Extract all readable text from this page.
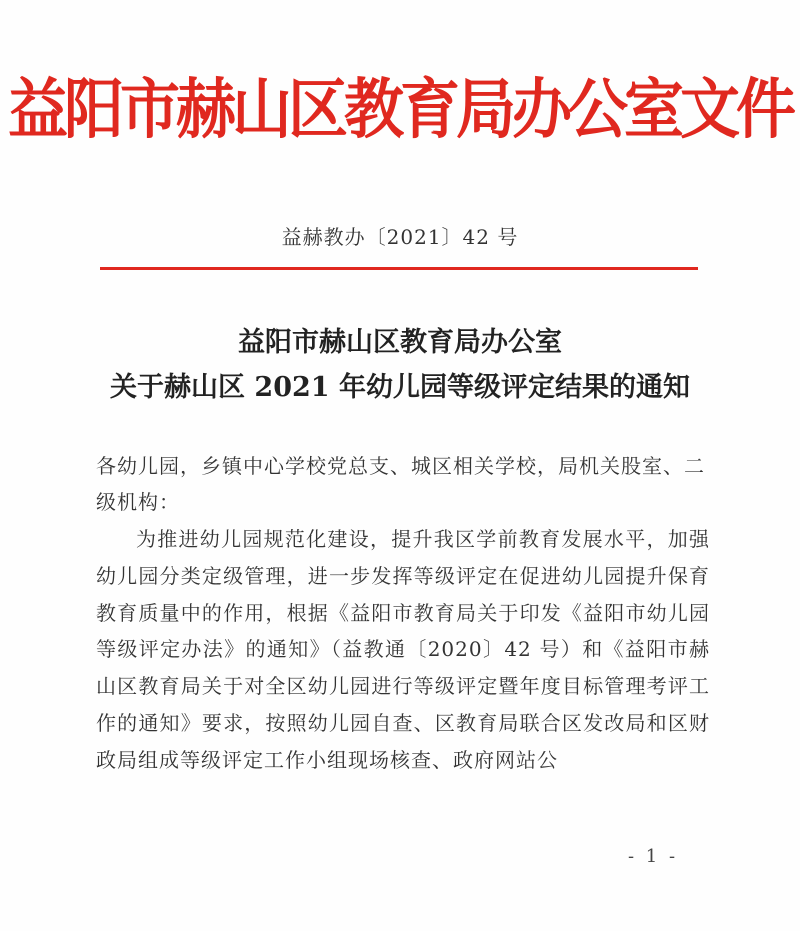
益阳市赫山区教育局办公室文件
益赫教办〔2021〕42 号
益阳市赫山区教育局办公室
关于赫山区 2021 年幼儿园等级评定结果的通知
各幼儿园，乡镇中心学校党总支、城区相关学校，局机关股室、二级机构：
为推进幼儿园规范化建设，提升我区学前教育发展水平，加强幼儿园分类定级管理，进一步发挥等级评定在促进幼儿园提升保育教育质量中的作用，根据《益阳市教育局关于印发《益阳市幼儿园等级评定办法》的通知》（益教通〔2020〕42 号）和《益阳市赫山区教育局关于对全区幼儿园进行等级评定暨年度目标管理考评工作的通知》要求，按照幼儿园自查、区教育局联合区发改局和区财政局组成等级评定工作小组现场核查、政府网站公
- 1 -
